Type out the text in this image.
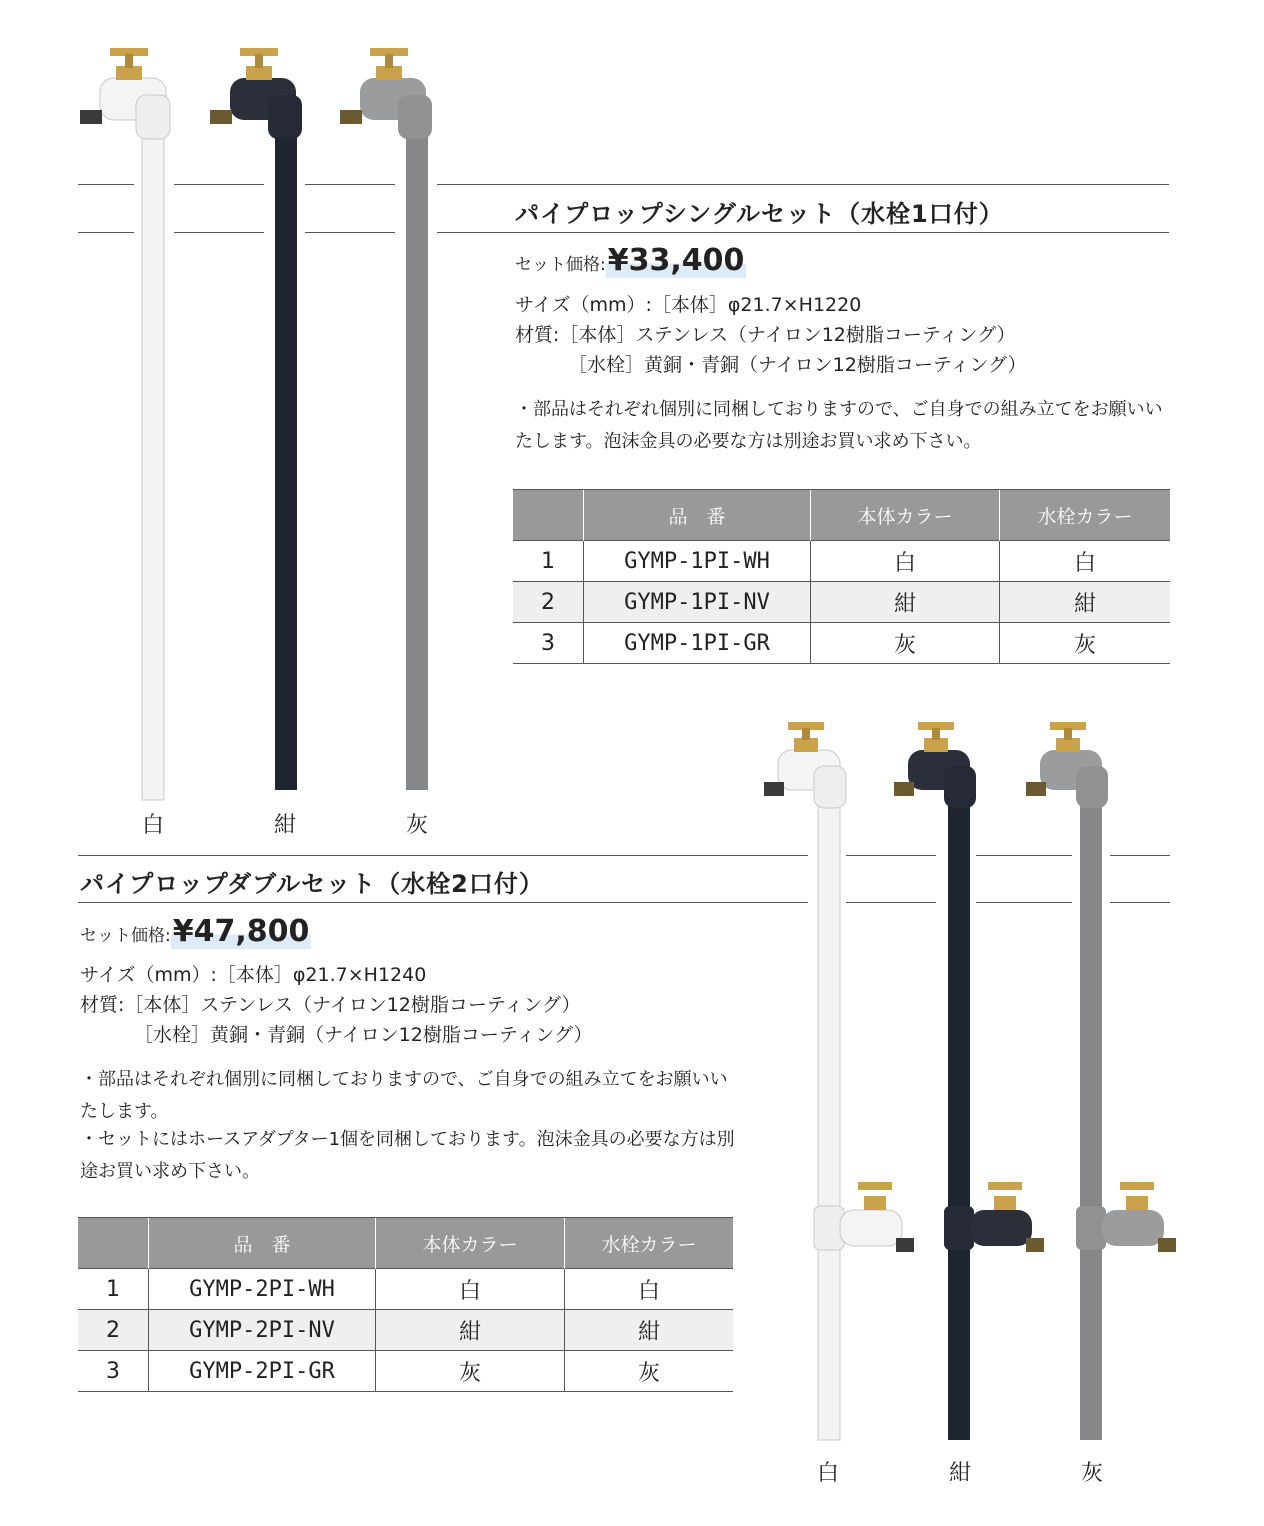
パイプロップシングルセット（水栓1口付）
セット価格:¥33,400
サイズ（mm）:［本体］φ21.7×H1220
材質:［本体］ステンレス（ナイロン12樹脂コーティング）
［水栓］黄銅・青銅（ナイロン12樹脂コーティング）
・部品はそれぞれ個別に同梱しておりますので、ご自身での組み立てをお願いいたします。泡沫金具の必要な方は別途お買い求め下さい。
	品　番	本体カラー	水栓カラー
1	GYMP-1PI-WH	白	白
2	GYMP-1PI-NV	紺	紺
3	GYMP-1PI-GR	灰	灰
白	紺	灰
パイプロップダブルセット（水栓2口付）
セット価格:¥47,800
サイズ（mm）:［本体］φ21.7×H1240
材質:［本体］ステンレス（ナイロン12樹脂コーティング）
［水栓］黄銅・青銅（ナイロン12樹脂コーティング）
・部品はそれぞれ個別に同梱しておりますので、ご自身での組み立てをお願いいたします。
・セットにはホースアダプター1個を同梱しております。泡沫金具の必要な方は別途お買い求め下さい。
	品　番	本体カラー	水栓カラー
1	GYMP-2PI-WH	白	白
2	GYMP-2PI-NV	紺	紺
3	GYMP-2PI-GR	灰	灰
白	紺	灰
